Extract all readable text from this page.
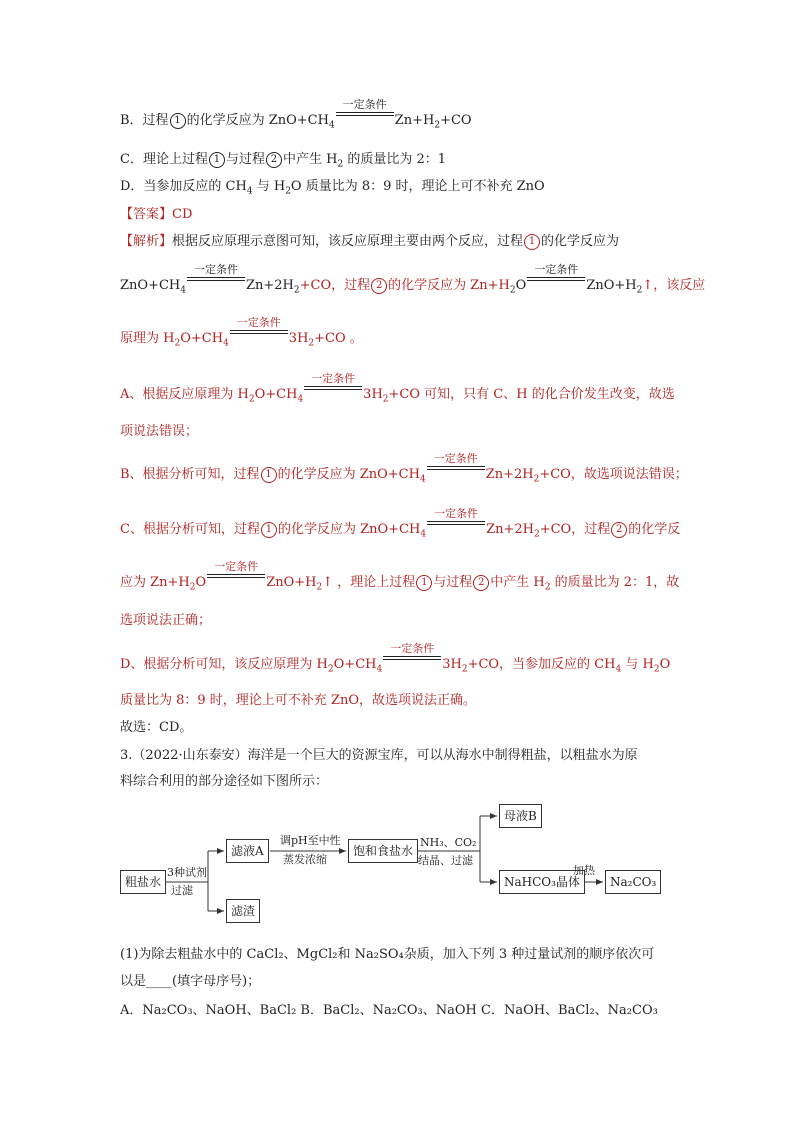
B．过程 1 的化学反应为 $ZnO+CH_4$
一定条件
$Zn+H_2+CO$
C．理论上过程 1 与过程 2 中产生 $H_2$ 的质量比为 2：1
D．当参加反应的 $CH_4$ 与 $H_2O$ 质量比为 8：9 时，理论上可不补充 ZnO
【答案】CD
【解析】根据反应原理示意图可知，该反应原理主要由两个反应，过程 1 的化学反应为
$ZnO+CH_4$
一定条件
$Zn+2H_2+CO$，过程 2 的化学反应为 $Zn+H_2O$
一定条件
$ZnO+H_2↑$，该反应
原理为 $H_2O+CH_4$
一定条件
$3H_2+CO$ 。
A、根据反应原理为 $H_2O+CH_4$
一定条件
$3H_2+CO$ 可知，只有 C、H 的化合价发生改变，故选
项说法错误；
B、根据分析可知，过程 1 的化学反应为 $ZnO+CH_4$
一定条件
$Zn+2H_2+CO$，故选项说法错误；
C、根据分析可知，过程 1 的化学反应为 $ZnO+CH_4$
一定条件
$Zn+2H_2+CO$，过程 2 的化学反
应为 $Zn+H_2O$
一定条件
$ZnO+H_2↑$ ，理论上过程 1 与过程 2 中产生 $H_2$ 的质量比为 2：1，故
选项说法正确；
D、根据分析可知，该反应原理为 $H_2O+CH_4$
一定条件
$3H_2+CO$，当参加反应的 $CH_4$ 与 $H_2O$
质量比为 8：9 时，理论上可不补充 ZnO，故选项说法正确。
故选：CD。
3.（2022·山东泰安）海洋是一个巨大的资源宝库，可以从海水中制得粗盐，以粗盐水为原
料综合利用的部分途径如下图所示：
粗盐水
3种试剂
过滤
滤液A
滤渣
调pH至中性
蒸发浓缩
饱和食盐水
NH₃、CO₂
结晶、过滤
母液B
NaHCO₃晶体
加热
Na₂CO₃
(1)为除去粗盐水中的 CaCl₂、MgCl₂和 Na₂SO₄杂质，加入下列 3 种过量试剂的顺序依次可
以是____(填字母序号)；
A．Na₂CO₃、NaOH、BaCl₂ B．BaCl₂、Na₂CO₃、NaOH C．NaOH、BaCl₂、Na₂CO₃
